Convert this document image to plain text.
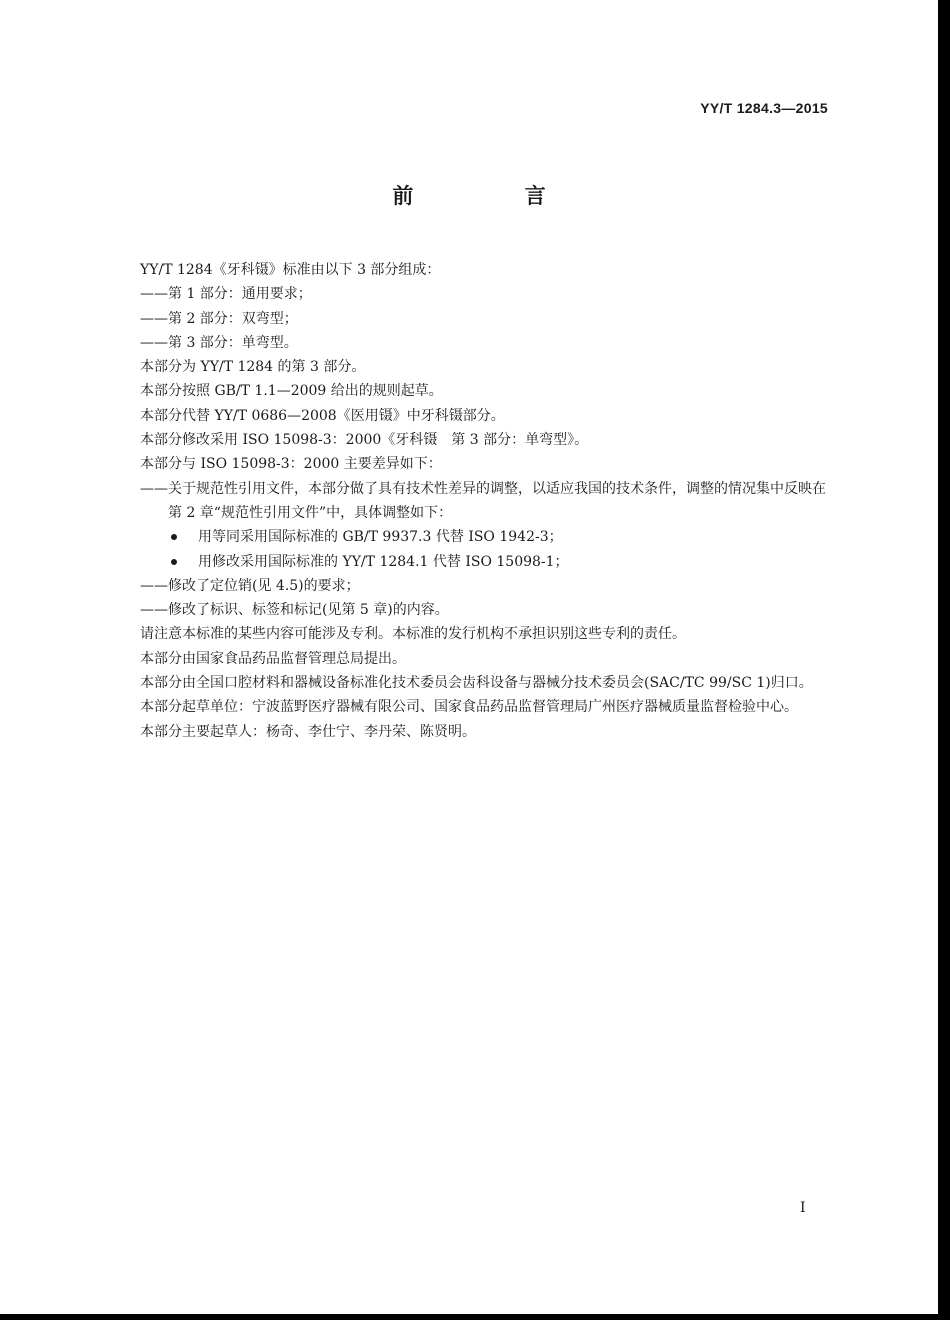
YY/T 1284.3—2015
前 言

YY/T 1284《牙科镊》标准由以下 3 部分组成：

——第 1 部分：通用要求；

——第 2 部分：双弯型；

——第 3 部分：单弯型。

本部分为 YY/T 1284 的第 3 部分。

本部分按照 GB/T 1.1—2009 给出的规则起草。

本部分代替 YY/T 0686—2008《医用镊》中牙科镊部分。

本部分修改采用 ISO 15098-3：2000《牙科镊　第 3 部分：单弯型》。

本部分与 ISO 15098-3：2000 主要差异如下：

——关于规范性引用文件，本部分做了具有技术性差异的调整，以适应我国的技术条件，调整的情况集中反映在第 2 章“规范性引用文件”中，具体调整如下：

用等同采用国际标准的 GB/T 9937.3 代替 ISO 1942-3；

用修改采用国际标准的 YY/T 1284.1 代替 ISO 15098-1；

——修改了定位销(见 4.5)的要求；

——修改了标识、标签和标记(见第 5 章)的内容。

请注意本标准的某些内容可能涉及专利。本标准的发行机构不承担识别这些专利的责任。

本部分由国家食品药品监督管理总局提出。

本部分由全国口腔材料和器械设备标准化技术委员会齿科设备与器械分技术委员会(SAC/TC 99/SC 1)归口。

本部分起草单位：宁波蓝野医疗器械有限公司、国家食品药品监督管理局广州医疗器械质量监督检验中心。

本部分主要起草人：杨奇、李仕宁、李丹荣、陈贤明。

Ⅰ
